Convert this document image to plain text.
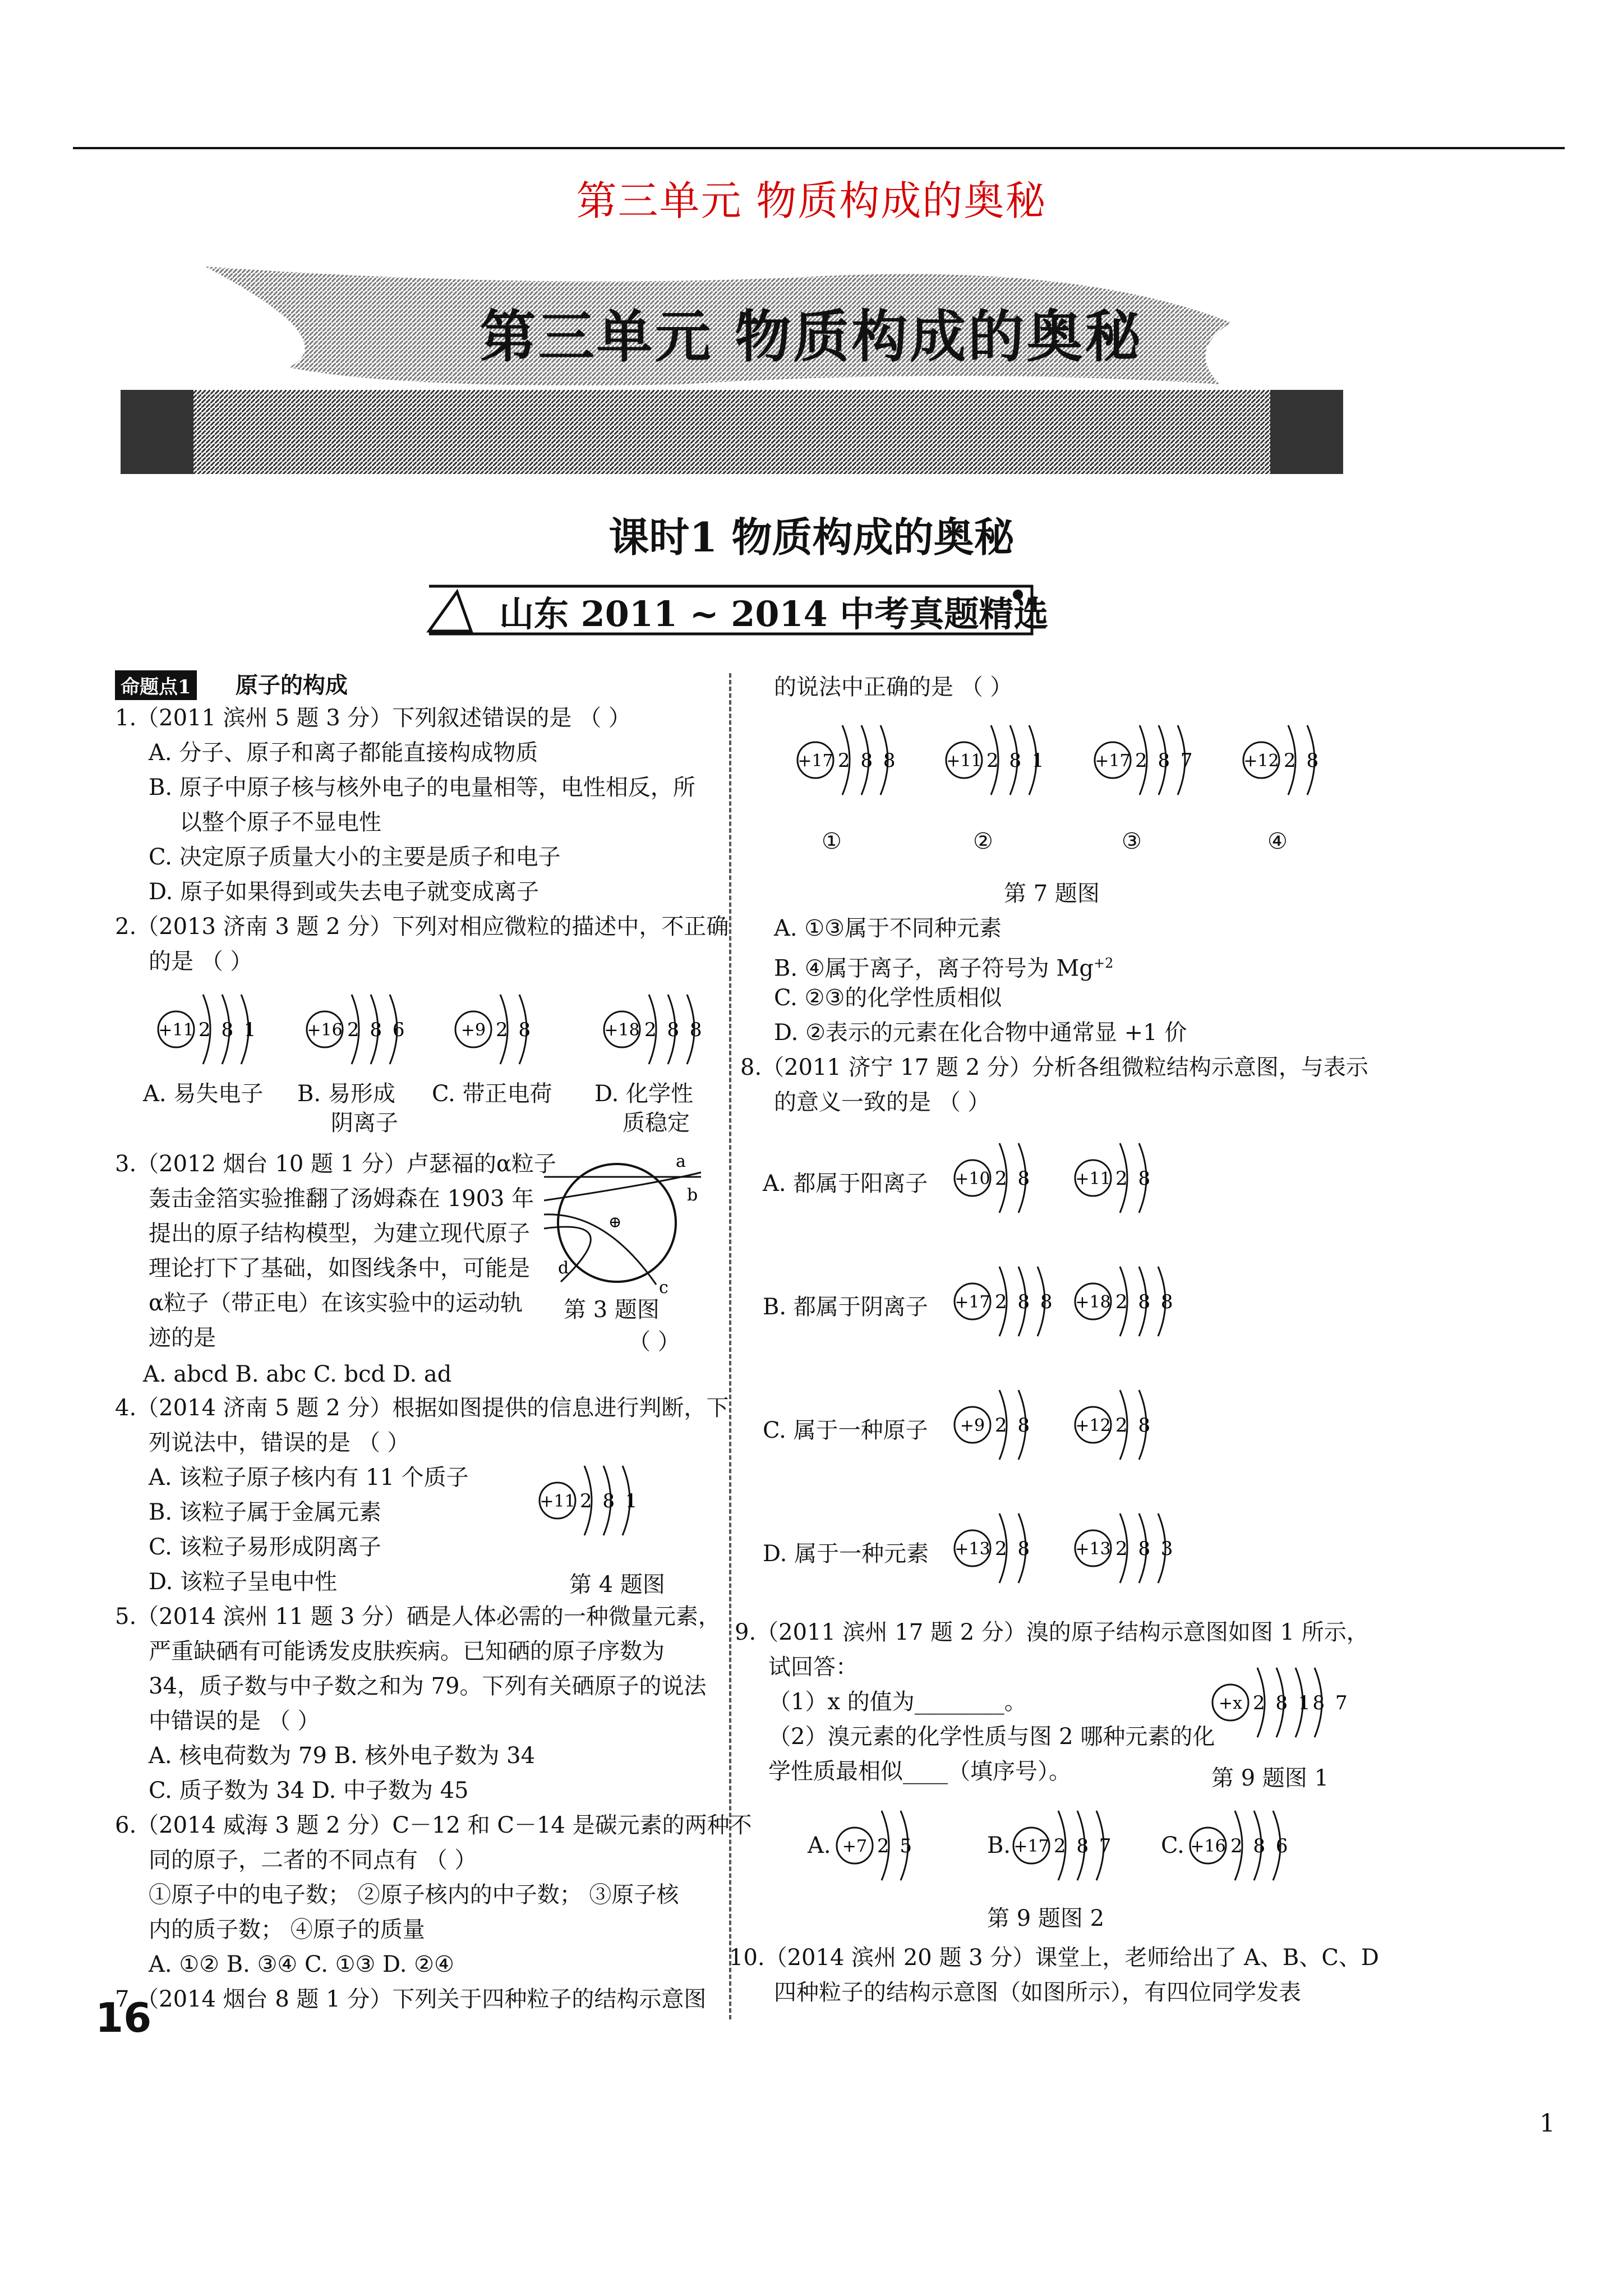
第三单元 物质构成的奥秘
第三单元 物质构成的奥秘
课时1 物质构成的奥秘
山东 2011 ~ 2014 中考真题精选
命题点1 原子的构成
1.（2011 滨州 5 题 3 分）下列叙述错误的是 （ ）
A. 分子、原子和离子都能直接构成物质
B. 原子中原子核与核外电子的电量相等，电性相反，所
以整个原子不显电性
C. 决定原子质量大小的主要是质子和电子
D. 原子如果得到或失去电子就变成离子
2.（2013 济南 3 题 2 分）下列对相应微粒的描述中，不正确
的是 （ ）
+11 2 8 1	+16 2 8 6	+9 2 8	+18 2 8 8
A. 易失电子 B. 易形成 C. 带正电荷 D. 化学性
阴离子	质稳定
3.（2012 烟台 10 题 1 分）卢瑟福的α粒子
轰击金箔实验推翻了汤姆森在 1903 年
提出的原子结构模型，为建立现代原子
理论打下了基础，如图线条中，可能是
α粒子（带正电）在该实验中的运动轨
迹的是	（ ）
A. abcd B. abc C. bcd D. ad
⊕
a
b
c
d
第 3 题图
4.（2014 济南 5 题 2 分）根据如图提供的信息进行判断，下
列说法中，错误的是 （ ）
A. 该粒子原子核内有 11 个质子
B. 该粒子属于金属元素
C. 该粒子易形成阴离子
D. 该粒子呈电中性
+11 2 8 1
第 4 题图
5.（2014 滨州 11 题 3 分）硒是人体必需的一种微量元素，
严重缺硒有可能诱发皮肤疾病。已知硒的原子序数为
34，质子数与中子数之和为 79。下列有关硒原子的说法
中错误的是 （ ）
A. 核电荷数为 79 B. 核外电子数为 34
C. 质子数为 34 D. 中子数为 45
6.（2014 威海 3 题 2 分）C－12 和 C－14 是碳元素的两种不
同的原子，二者的不同点有 （ ）
①原子中的电子数； ②原子核内的中子数； ③原子核
内的质子数； ④原子的质量
A. ①② B. ③④ C. ①③ D. ②④
7.（2014 烟台 8 题 1 分）下列关于四种粒子的结构示意图
16
的说法中正确的是 （ ）
+17 2 8 8	+11 2 8 1	+17 2 8 7	+12 2 8
①	②	③	④
第 7 题图
A. ①③属于不同种元素
B. ④属于离子，离子符号为 $Mg^{+2}$
C. ②③的化学性质相似
D. ②表示的元素在化合物中通常显 +1 价
8.（2011 济宁 17 题 2 分）分析各组微粒结构示意图，与表示
的意义一致的是 （ ）
A. 都属于阳离子
B. 都属于阴离子
C. 属于一种原子
D. 属于一种元素
+10 2 8	+11 2 8
+17 2 8 8 +18 2 8 8
+9 2 8	+12 2 8
+13 2 8	+13 2 8 3
9.（2011 滨州 17 题 2 分）溴的原子结构示意图如图 1 所示，
试回答：
（1）x 的值为________。
（2）溴元素的化学性质与图 2 哪种元素的化
学性质最相似____（填序号）。
+x 2 8 18 7
第 9 题图 1
A.	B.	C.
+7 2 5	+17 2 8 7	+16 2 8 6
第 9 题图 2
10.（2014 滨州 20 题 3 分）课堂上，老师给出了 A、B、C、D
四种粒子的结构示意图（如图所示），有四位同学发表
1
